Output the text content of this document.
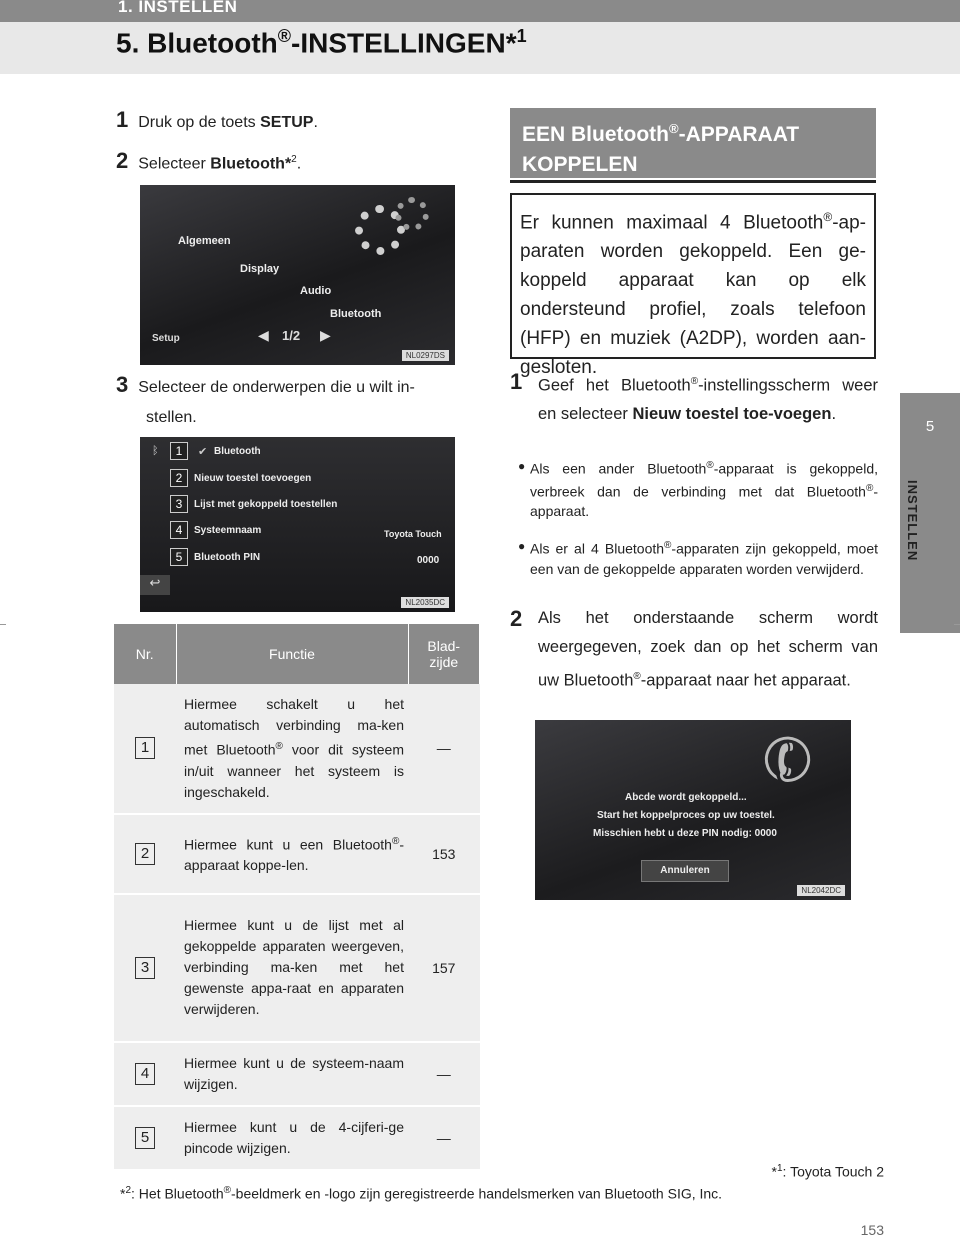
1. INSTELLEN
5. Bluetooth®-INSTELLINGEN*$^1$
5
INSTELLEN
1 Druk op de toets SETUP.
2 Selecteer Bluetooth*$^2$.
Algemeen
Display
Audio
Bluetooth
Setup	◀ 1/2 ▶
NL0297DS
3 Selecteer de onderwerpen die u wilt in-
stellen.
1
2
3
4
5
ᛒ	✔ Bluetooth
Nieuw toestel toevoegen
Lijst met gekoppeld toestellen
Systeemnaam	Toyota Touch
Bluetooth PIN	0000
↩
NL2035DC
Nr.	Functie	Blad-
zijde
1	Hiermee schakelt u het automatisch verbinding ma-ken met Bluetooth® voor dit systeem in/uit wanneer het systeem is ingeschakeld.	—
2	Hiermee kunt u een Bluetooth®-apparaat koppe-len.	153
3	Hiermee kunt u de lijst met al gekoppelde apparaten weergeven, verbinding ma-ken met het gewenste appa-raat en apparaten verwijderen.	157
4	Hiermee kunt u de systeem-naam wijzigen.	—
5	Hiermee kunt u de 4-cijferi-ge pincode wijzigen.	—
EEN Bluetooth®-APPARAAT
KOPPELEN
Er kunnen maximaal 4 Bluetooth®-ap-paraten worden gekoppeld. Een ge-koppeld apparaat kan op elk ondersteund profiel, zoals telefoon (HFP) en muziek (A2DP), worden aan-gesloten.
1 Geef het Bluetooth®-instellingsscherm weer en selecteer Nieuw toestel toe-voegen.
● Als een ander Bluetooth®-apparaat is gekoppeld, verbreek dan de verbinding met dat Bluetooth®-apparaat.
● Als er al 4 Bluetooth®-apparaten zijn gekoppeld, moet een van de gekoppelde apparaten worden verwijderd.
2 Als het onderstaande scherm wordt weergegeven, zoek dan op het scherm van uw Bluetooth®-apparaat naar het apparaat.
✆
Abcde wordt gekoppeld...
Start het koppelproces op uw toestel.
Misschien hebt u deze PIN nodig: 0000
Annuleren
NL2042DC
*$^1$: Toyota Touch 2
*$^2$: Het Bluetooth®-beeldmerk en -logo zijn geregistreerde handelsmerken van Bluetooth SIG, Inc.
153
